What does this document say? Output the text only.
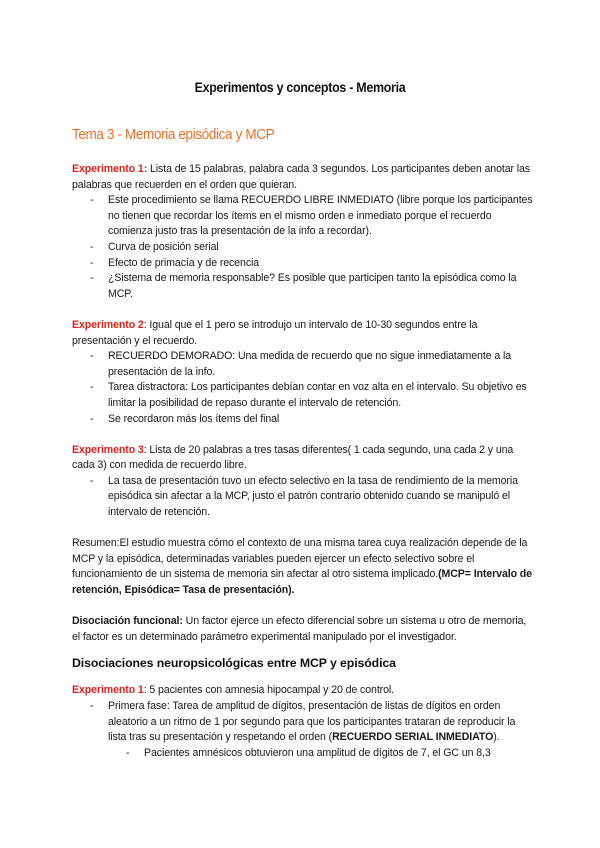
Experimentos y conceptos - Memoria
Tema 3 - Memoria episódica y MCP

Experimento 1: Lista de 15 palabras, palabra cada 3 segundos. Los participantes deben anotar las palabras que recuerden en el orden que quieran.

- Este procedimiento se llama RECUERDO LIBRE INMEDIATO (libre porque los participantes no tienen que recordar los ítems en el mismo orden e inmediato porque el recuerdo comienza justo tras la presentación de la info a recordar).
- Curva de posición serial
- Efecto de primacía y de recencia
- ¿Sistema de memoria responsable? Es posible que participen tanto la episódica como la MCP.

Experimento 2: Igual que el 1 pero se introdujo un intervalo de 10-30 segundos entre la presentación y el recuerdo.

- RECUERDO DEMORADO: Una medida de recuerdo que no sigue inmediatamente a la presentación de la info.
- Tarea distractora: Los participantes debían contar en voz alta en el intervalo. Su objetivo es limitar la posibilidad de repaso durante el intervalo de retención.
- Se recordaron más los ítems del final

Experimento 3: Lista de 20 palabras a tres tasas diferentes( 1 cada segundo, una cada 2 y una cada 3) con medida de recuerdo libre.

- La tasa de presentación tuvo un efecto selectivo en la tasa de rendimiento de la memoria episódica sin afectar a la MCP, justo el patrón contrario obtenido cuando se manipuló el intervalo de retención.

Resumen:El estudio muestra cómo el contexto de una misma tarea cuya realización depende de la MCP y la episódica, determinadas variables pueden ejercer un efecto selectivo sobre el funcionamiento de un sistema de memoria sin afectar al otro sistema implicado.(MCP= Intervalo de retención, Episódica= Tasa de presentación).

Disociación funcional: Un factor ejerce un efecto diferencial sobre un sistema u otro de memoria, el factor es un determinado parámetro experimental manipulado por el investigador.

Disociaciones neuropsicológicas entre MCP y episódica

Experimento 1: 5 pacientes con amnesia hipocampal y 20 de control.

- Primera fase: Tarea de amplitud de dígitos, presentación de listas de dígitos en orden aleatorio a un ritmo de 1 por segundo para que los participantes trataran de reproducir la lista tras su presentación y respetando el orden (RECUERDO SERIAL INMEDIATO).
- Pacientes amnésicos obtuvieron una amplitud de dígitos de 7, el GC un 8,3
